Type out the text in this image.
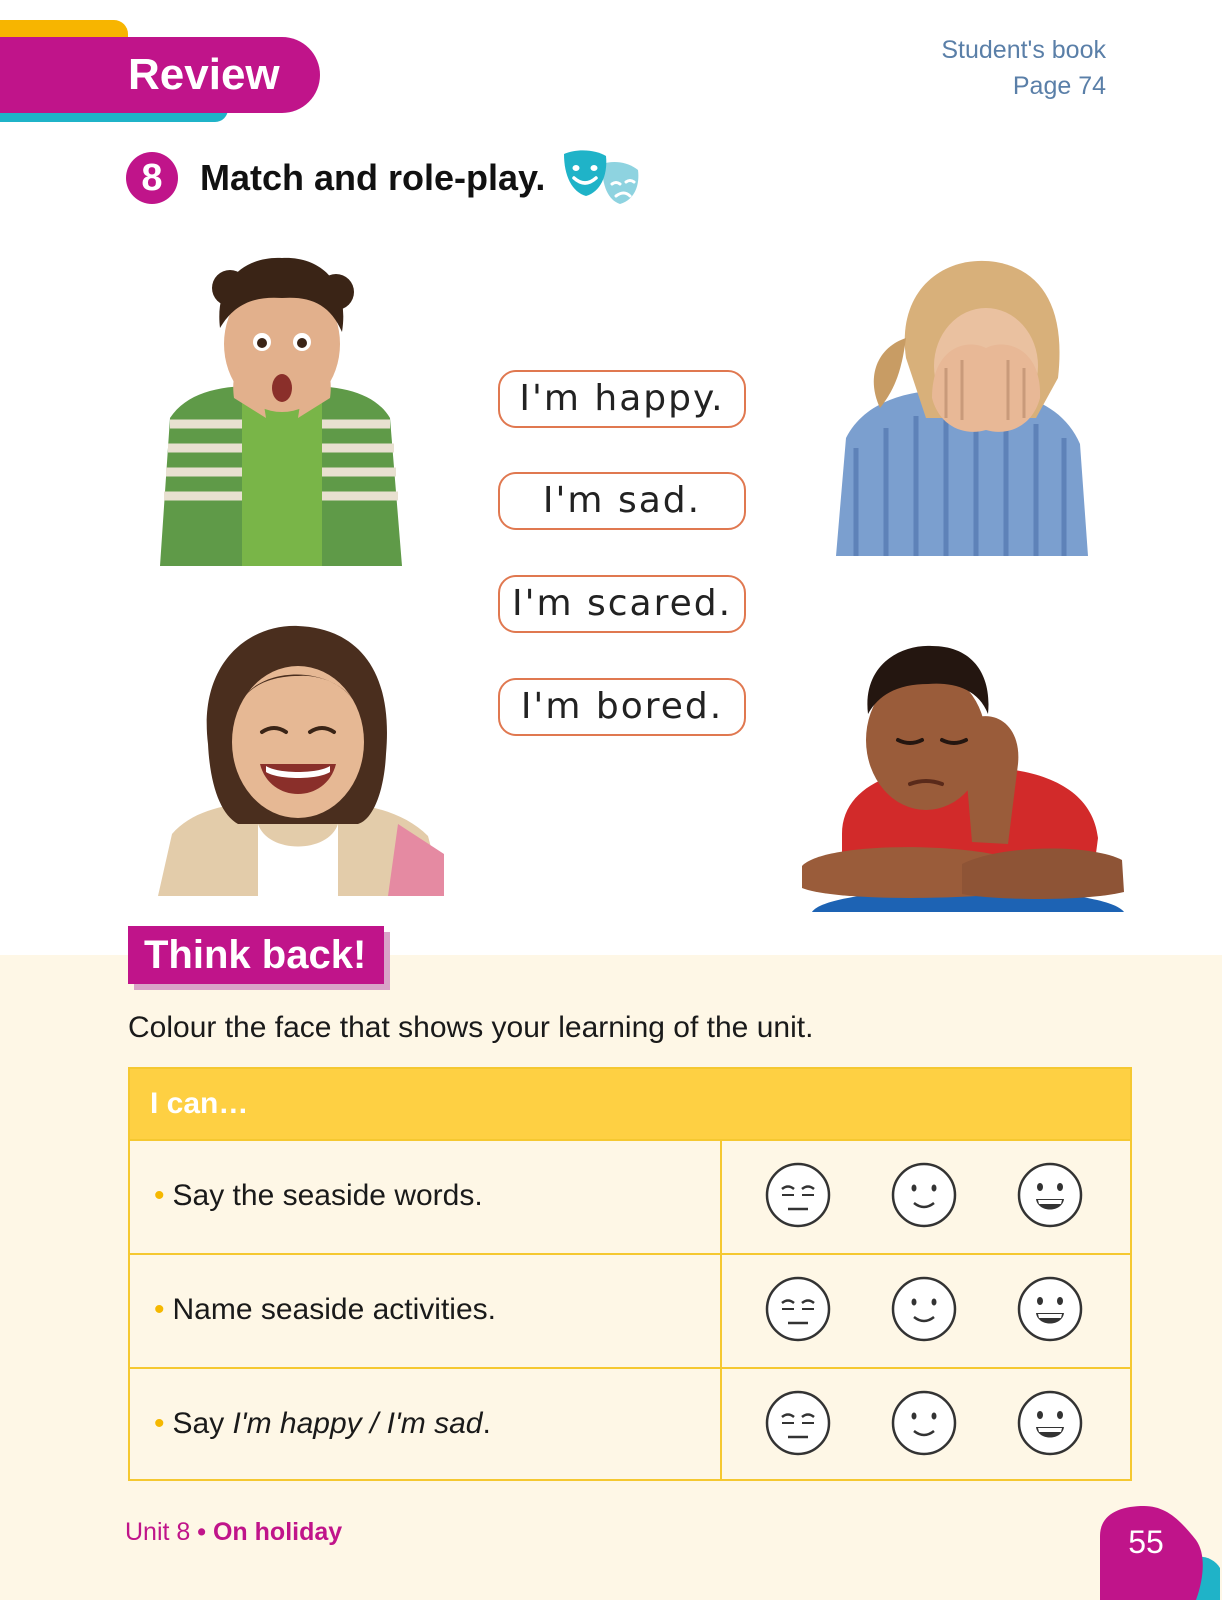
Review	Student's book
Page 74
8	Match and role-play.
I'm happy.
I'm sad.
I'm scared.
I'm bored.
Think back!
Colour the face that shows your learning of the unit.
I can…
• Say the seaside words.
• Name seaside activities.
• Say I'm happy / I'm sad.
Unit 8 • On holiday	55
